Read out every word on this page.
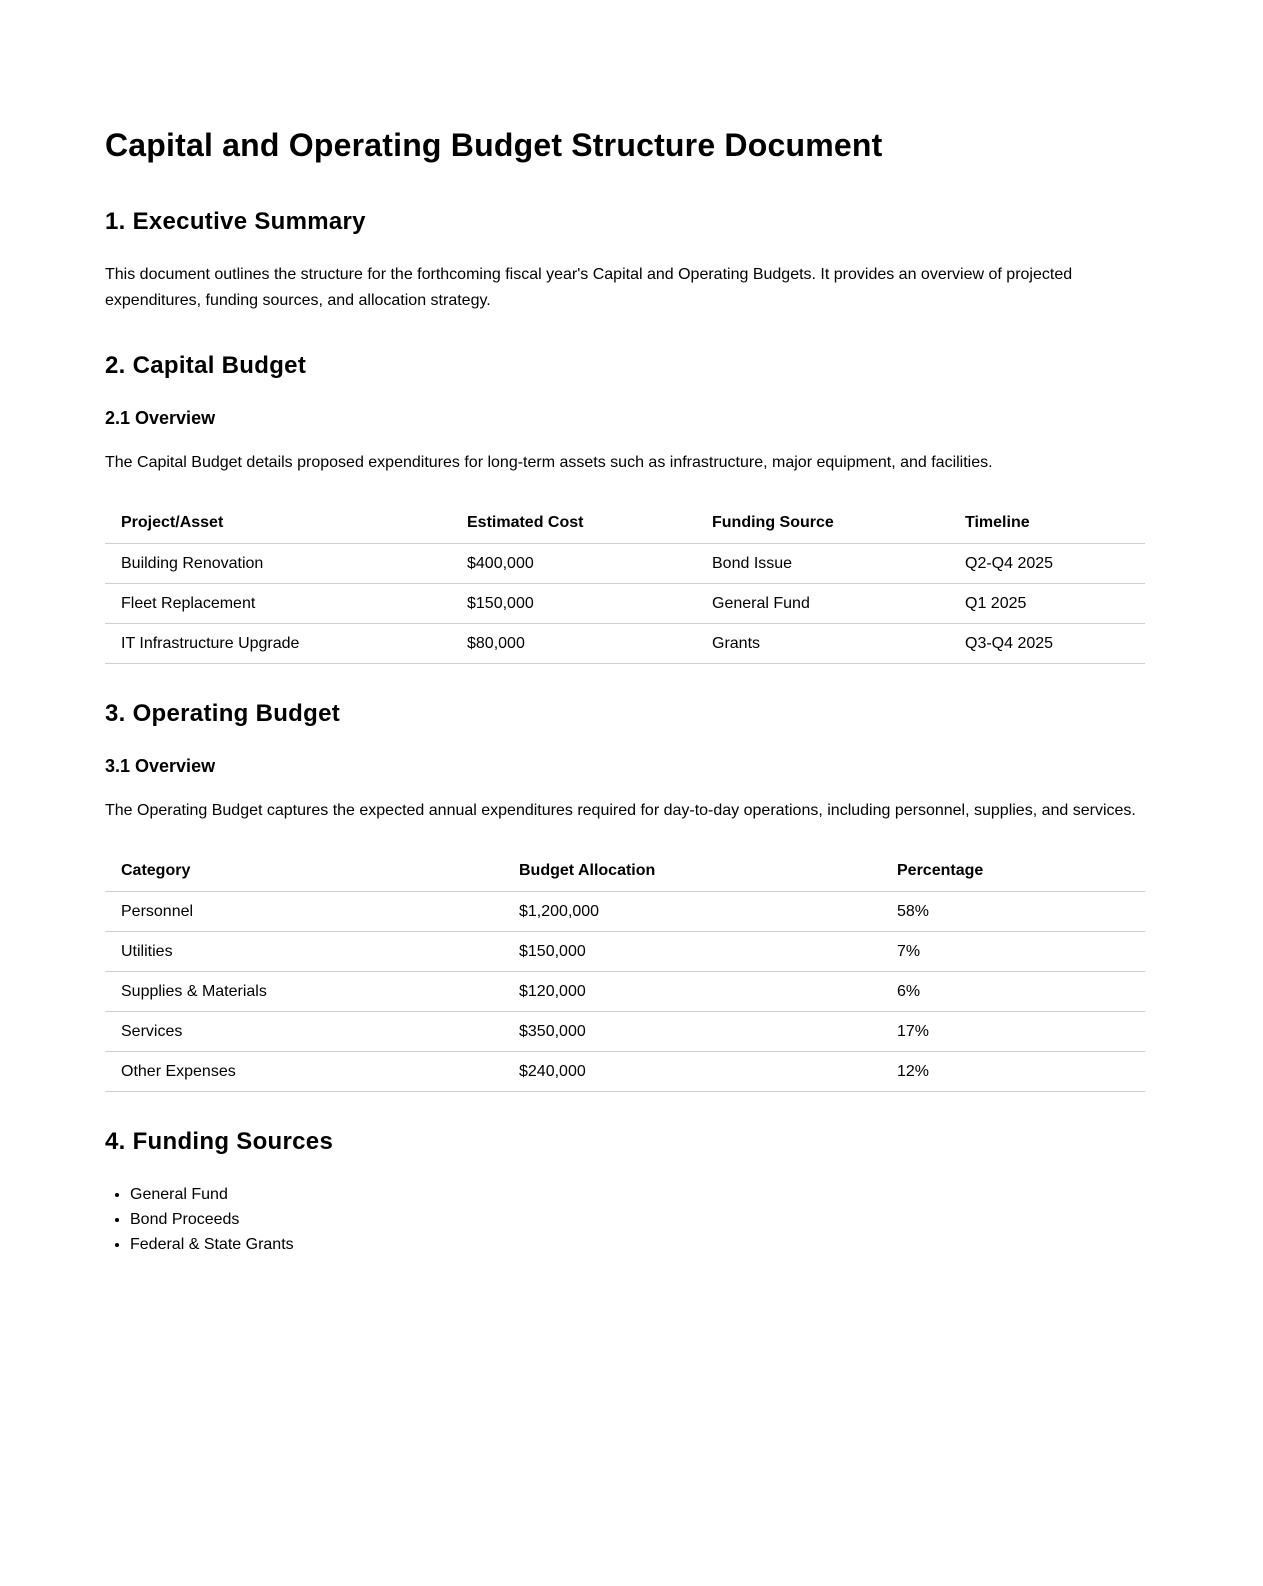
Capital and Operating Budget Structure Document
1. Executive Summary

This document outlines the structure for the forthcoming fiscal year's Capital and Operating Budgets. It provides an overview of projected expenditures, funding sources, and allocation strategy.

2. Capital Budget
2.1 Overview

The Capital Budget details proposed expenditures for long-term assets such as infrastructure, major equipment, and facilities.

Project/Asset	Estimated Cost	Funding Source	Timeline
Building Renovation	$400,000	Bond Issue	Q2-Q4 2025
Fleet Replacement	$150,000	General Fund	Q1 2025
IT Infrastructure Upgrade	$80,000	Grants	Q3-Q4 2025
3. Operating Budget
3.1 Overview

The Operating Budget captures the expected annual expenditures required for day-to-day operations, including personnel, supplies, and services.

Category	Budget Allocation	Percentage
Personnel	$1,200,000	58%
Utilities	$150,000	7%
Supplies & Materials	$120,000	6%
Services	$350,000	17%
Other Expenses	$240,000	12%
4. Funding Sources
• General Fund
• Bond Proceeds
• Federal & State Grants
